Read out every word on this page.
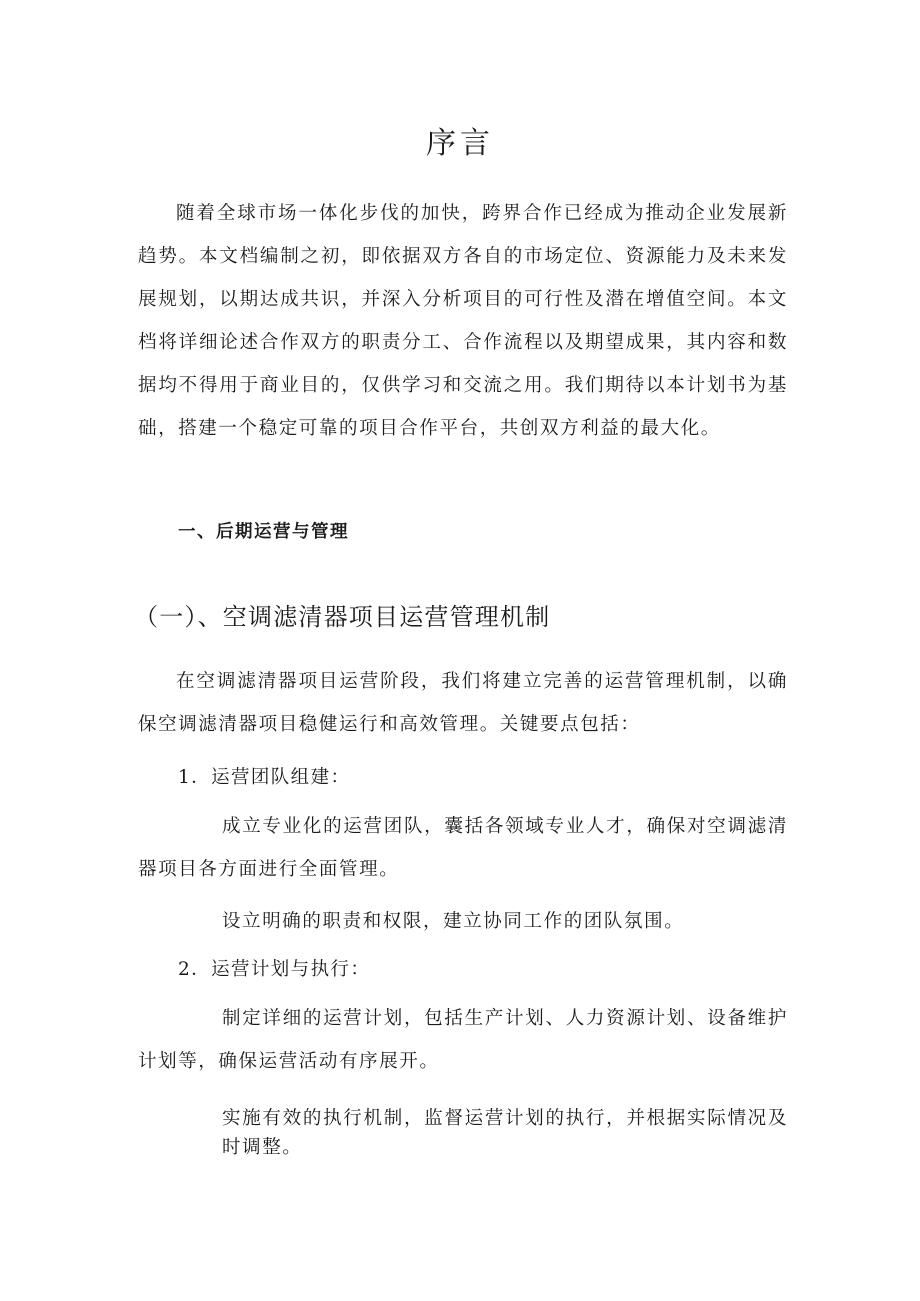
序言

随着全球市场一体化步伐的加快，跨界合作已经成为推动企业发展新趋势。本文档编制之初，即依据双方各自的市场定位、资源能力及未来发展规划，以期达成共识，并深入分析项目的可行性及潜在增值空间。本文档将详细论述合作双方的职责分工、合作流程以及期望成果，其内容和数据均不得用于商业目的，仅供学习和交流之用。我们期待以本计划书为基础，搭建一个稳定可靠的项目合作平台，共创双方利益的最大化。

一、后期运营与管理
（一）、空调滤清器项目运营管理机制

在空调滤清器项目运营阶段，我们将建立完善的运营管理机制，以确保空调滤清器项目稳健运行和高效管理。关键要点包括：

1．运营团队组建：

成立专业化的运营团队，囊括各领域专业人才，确保对空调滤清器项目各方面进行全面管理。

设立明确的职责和权限，建立协同工作的团队氛围。

2．运营计划与执行：

制定详细的运营计划，包括生产计划、人力资源计划、设备维护计划等，确保运营活动有序展开。

实施有效的执行机制，监督运营计划的执行，并根据实际情况及时调整。
